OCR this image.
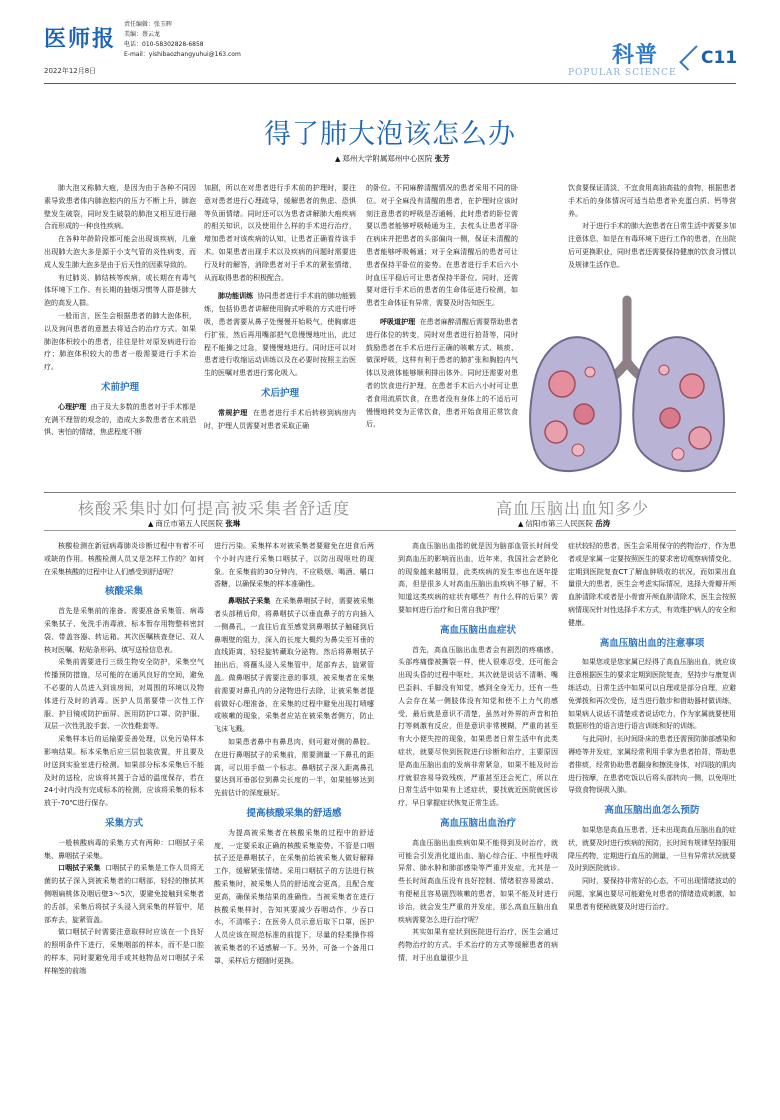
医师报
2022年12月8日
责任编辑：张玉晖
美编：蔡云龙
电话：010-58302828-6858
E-mail：yishibaozhangyuhui@163.com	科普
POPULAR SCIENCE
C11
得了肺大泡该怎么办
▲ 郑州大学附属郑州中心医院 张芳

肺大泡又称肺大疱，是因为由于各种不同因素导致患者体内肺泡腔内的压力不断上升，肺泡壁发生破裂，同时发生破裂的肺泡又相互进行融合而形成的一种良性疾病。

在各种年龄阶段都可能会出现该疾病，儿童出现肺大泡大多是源于小支气管的炎性病变，而成人发生肺大泡多是由于后天性的因素导致的。

有过肺炎、肺结核等疾病，或长期在有毒气体环境下工作、有长期的抽烟习惯等人群是肺大泡的高发人群。

一般而言，医生会根据患者的肺大泡体积，以及询问患者的意愿去将适合的治疗方式。如果肺泡体积较小的患者，往往是针对原发病进行治疗；肺泡体积较大的患者一般需要进行手术治疗。

术前护理

心理护理 由于及大多数的患者对于手术都是充满不理智的观念的，造成大多数患者在术前恐惧、害怕的情绪，焦虑程度不断

加剧，所以在对患者进行手术前的护理时，要注意对患者进行心理疏导，缓解患者的焦虑、恐惧等负面情绪。同时还可以为患者讲解肺大疱疾病的相关知识，以及使用什么样的手术进行治疗，增加患者对该疾病的认知，让患者正确看待该手术。如果患者出现手术以及疾病的问题时需要进行及时的解答，消除患者对于手术的紧张情绪，从而取得患者的积极配合。

肺功能训练 协同患者进行手术前的肺功能锻炼，包括协患者讲解使用胸式呼吸的方式进行呼吸，患者需要从鼻子处慢慢开始吸气，使胸廓进行扩张，然后再用嘴部把气息慢慢地吐出，此过程不能操之过急，要慢慢地进行。同时还可以对患者进行收缩运动训练以及在必要时按照主治医生的医嘱对患者进行雾化吸入。

术后护理

常规护理 在患者进行手术后转移到病房内时，护理人员需要对患者采取正确

的卧位。不同麻醉清醒情况的患者采用不同的卧位。对于全麻没有清醒的患者，在护理时应该时刻注意患者的呼吸是否通畅，此时患者的卧位需要以患者能够呼吸畅通为主，去枕头让患者平卧在病床并把患者的头部偏向一侧，保证未清醒的患者能够呼吸畅通；对于全麻清醒后的患者可让患者保持平卧位的姿势。在患者进行手术后六小时血压平稳后可让患者保持半卧位。同时，还需要对进行手术后的患者的生命体征进行检测，如患者生命体征有异常，需要及时告知医生。

呼吸道护理 在患者麻醉清醒后需要帮助患者进行体位的转变，同时对患者进行拍背等，同时鼓励患者在手术后进行正确的咳嗽方式、咳痰、做深呼吸，这样有利于患者的肺扩张和胸腔内气体以及液体能够顺利排出体外。同时还需要对患者的饮食进行护理，在患者手术后六小时可让患者食用流质饮食，在患者没有身体上的不适后可慢慢地转变为正常饮食，患者开始食用正常饮食后，

饮食要保证清淡，不宜食用高油高盐的食物，根据患者手术后的身体情况可适当给患者补充蛋白质、钙等营养。

对于进行手术的肺大泡患者在日常生活中需要多加注意体息，如是在有毒环境下进行工作的患者，在出院后可更换职业，同时患者还需要保持健康的饮食习惯以及规律生活作息。

核酸采集时如何提高被采集者舒适度
▲ 商丘市第五人民医院 张琳
高血压脑出血知多少
▲ 信阳市第三人民医院 岳涛

核酸检测在新冠病毒肺炎诊断过程中有着不可或缺的作用。核酸检测人员又是怎样工作的？如何在采集核酸的过程中让人们感受到舒适呢？

核酸采集

首先是采集前的准备。需要准备采集管、病毒采集拭子、免洗手消毒液、标本暂存用物整料密封袋、带盖容器、转运箱。其次医嘱核查登记、双人核对医嘱、粘贴条形码、填写送检信息表。

采集前需要进行三级生物安全防护，采集空气传播预防措施，尽可能的在通风良好的空间，避免不必要的人员进入到该房间，对周围的环境以及物体进行及时的消毒。医护人员需要带一次性工作服、护目镜或防护面屏、医用防护口罩、防护服、双层一次性乳胶手套、一次性鞋套等。

采集样本后的运输要妥善处理，以免污染样本影响结果。标本采集后应三层包装放置，并且要及时送到实验室进行检测。如果部分标本采集后不能及时的送检，应该将其置于合适的温度保存，若在24小时内没有完成标本的检测，应该将采集的标本放于-70℃进行保存。

采集方式

一般核酸病毒的采集方式有两种：口咽拭子采集、鼻咽拭子采集。

口咽拭子采集 口咽拭子的采集是工作人员将无菌的拭子深入到被采集者的口咽部，轻轻的擦拭其侧咽扁桃体及咽后壁3～5次，要避免接触到采集者的舌部，采集后将拭子头浸入到采集的样管中，尾部弃去，旋紧管盖。

做口咽拭子时需要注意取样时应该在一个良好的照明条件下进行，采集咽部的样本，而不是口腔的样本，同时要避免用手或其他物品对口咽拭子采样棉签的前端

进行污染。采集样本对被采集者要避免在进食后两个小时内进行采集口咽拭子，以防出现呕吐的现象。在采集前的30分钟内，不应吸烟、喝酒、嚼口香糖，以确保采集的样本准确性。

鼻咽拭子采集 在采集鼻咽拭子时，需要被采集者头部稍后仰，将鼻咽拭子以垂直鼻子的方向插入一侧鼻孔，一直往后直至感觉到鼻咽拭子触碰到后鼻咽壁的阻力，深入的长度大概约为鼻尖至耳垂的直线距离，轻轻旋转藏取分泌物。然后将鼻咽拭子抽出后，将蘸头浸入采集管中，尾部弃去，旋紧管盖。做鼻咽拭子需要注意的事项，被采集者在采集前需要对鼻孔内的分泌物进行去除，让被采集者提前做好心理准备，在采集的过程中避免出现打喷嚏或咳嗽的现象，采集者应站在被采集者侧方，防止飞沫飞溅。

如果患者鼻中有鼻息肉，则可避对侧的鼻腔。在进行鼻咽拭子的采集前，需要测量一下鼻孔的距离，可以用手做一个标志。鼻咽拭子深入距离鼻孔要达到耳垂部位到鼻尖长度的一半，如果能够达到先前估计的深度最好。

提高核酸采集的舒适感

为提高被采集者在核酸采集的过程中的舒适度，一定要采取正确的核酸采集姿势。不管是口咽拭子还是鼻咽拭子，在采集前给被采集人做好解释工作，缓解紧张情绪。采用口咽拭子的方法进行核酸采集时，被采集人员的舒适度会更高，且配合度更高，确保采集结果的准确性。当被采集者在进行核酸采集样时，告知其要减少吞咽动作，少吞口水，不清喉子；在医务人员示意后取下口罩，医护人员应该在规范标准的前提下，尽量的轻柔操作将被采集者的不适感解一下。另外，可备一个备用口罩，采样后方便随时更换。

高血压脑出血指的就是因为脑部血管长时间受到高血压的影响而出血，近年来，我国社会老龄化的现象越来越明显，此类疾病的发生率也在逐年提高，但是很多人对高血压脑出血疾病不够了解，不知道这类疾病的症状有哪些？有什么样的后果？需要如何进行治疗和日常自我护理？

高血压脑出血症状

首先，高血压脑出血患者会有剧烈的疼痛感，头部疼痛像被撕裂一样，使人很难忍受，还可能会出现头昏的过程中呕吐，其次就是说话不清晰、嘴巴歪斜、手脚没有知觉，感到全身无力，还有一些人会存在某一侧肢体没有知觉和使不上力气的感受，最后就是意识不清楚，虽然对外界的声音和拍打等刺激有反应，但是意识非常模糊，严重的甚至有大小便失控的现象，如果患者日常生活中有此类症状，就要尽快到医院进行诊断和治疗，主要原因是高血压脑出血的发病非常紧急，如果不能及时治疗就很容易导致残疾，严重甚至还会死亡，所以在日常生活中如果有上述症状，要找就近医院就医诊疗，早日掌握症状恢复正常生活。

高血压脑出血治疗

高血压脑出血疾病如果不能得到及时治疗，就可能会引发消化道出血、脑心综合征、中枢性呼吸异常、肺水肿和肺部感染等严重并发症，尤其是一些长时间高血压没有良好控制、情绪很容易激动、有便秘且容易剧烈咳嗽的患者，如果不能及时进行诊治，就会发生严重的并发症，那么高血压脑出血疾病需要怎么进行治疗呢？

其实如果有症状到医院进行治疗，医生会通过药物治疗的方式、手术治疗的方式等缓解患者的病情，对于出血量很少且

症状较轻的患者，医生会采用保守的药物治疗，作为患者或是家属一定要按照医生的要求密切观察病情变化，定期到医院复查CT了解血肿吸收的状况，而如果出血量很大的患者，医生会考虑实际情况，选择大骨瓣开颅血肿清除术或者是小骨窗开颅血肿清除术，医生会按照病情现况针对性选择手术方式，有效维护病人的安全和健康。

高血压脑出血的注意事项

如果您或是您家属已经得了高血压脑出血，就应该注意根据医生的要求定期到医院复查，坚持步与康复训练活动，日常生活中如果可以自理或是部分自理，应避免弹拨和再次受伤，适当进行散步和借助器材做训练，如果病人说话不清楚或者说话吃力，作为家属就要使用数据形性的语言进行语言训练和好的训练。

与此同时，长时间卧床的患者还需预防肺部感染和褥疮等并发症，家属经常利用手掌为患者拍背，帮助患者排痰，经常协助患者翻身和擦洗身体，对四肢的肌肉进行按摩，在患者吃饭以后将头部转向一侧，以免呕吐导致食物误吸入肺。

高血压脑出血怎么预防

如果您是高血压患者，还未出现高血压脑出血的症状，就要及时进行疾病的预防，长时间有规律坚持服用降压药物，定期进行血压的测量，一旦有异常状况就要及时到医院就诊。

同时，要保持非常好的心态，不可出现情绪波动的问题，家属也要尽可能避免对患者的情绪造成刺激，如果患者有便秘就要及时进行治疗。
